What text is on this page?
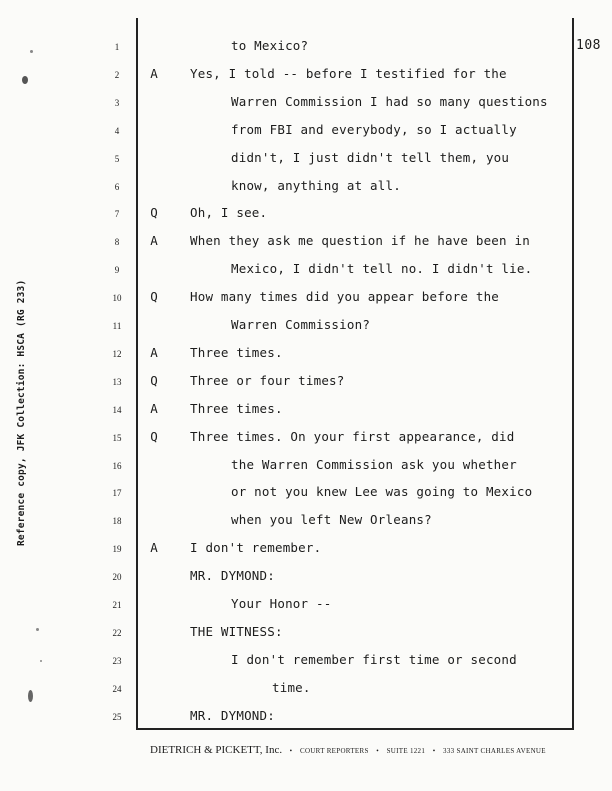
108
Reference copy, JFK Collection: HSCA (RG 233)
1	to Mexico?
2	A	Yes, I told -- before I testified for the
3	Warren Commission I had so many questions
4	from FBI and everybody, so I actually
5	didn't, I just didn't tell them, you
6	know, anything at all.
7	Q	Oh, I see.
8	A	When they ask me question if he have been in
9	Mexico, I didn't tell no. I didn't lie.
10	Q	How many times did you appear before the
11	Warren Commission?
12	A	Three times.
13	Q	Three or four times?
14	A	Three times.
15	Q	Three times. On your first appearance, did
16	the Warren Commission ask you whether
17	or not you knew Lee was going to Mexico
18	when you left New Orleans?
19	A	I don't remember.
20	MR. DYMOND:
21	Your Honor --
22	THE WITNESS:
23	I don't remember first time or second
24	time.
25	MR. DYMOND:
DIETRICH & PICKETT, Inc. • COURT REPORTERS • SUITE 1221 • 333 SAINT CHARLES AVENUE
